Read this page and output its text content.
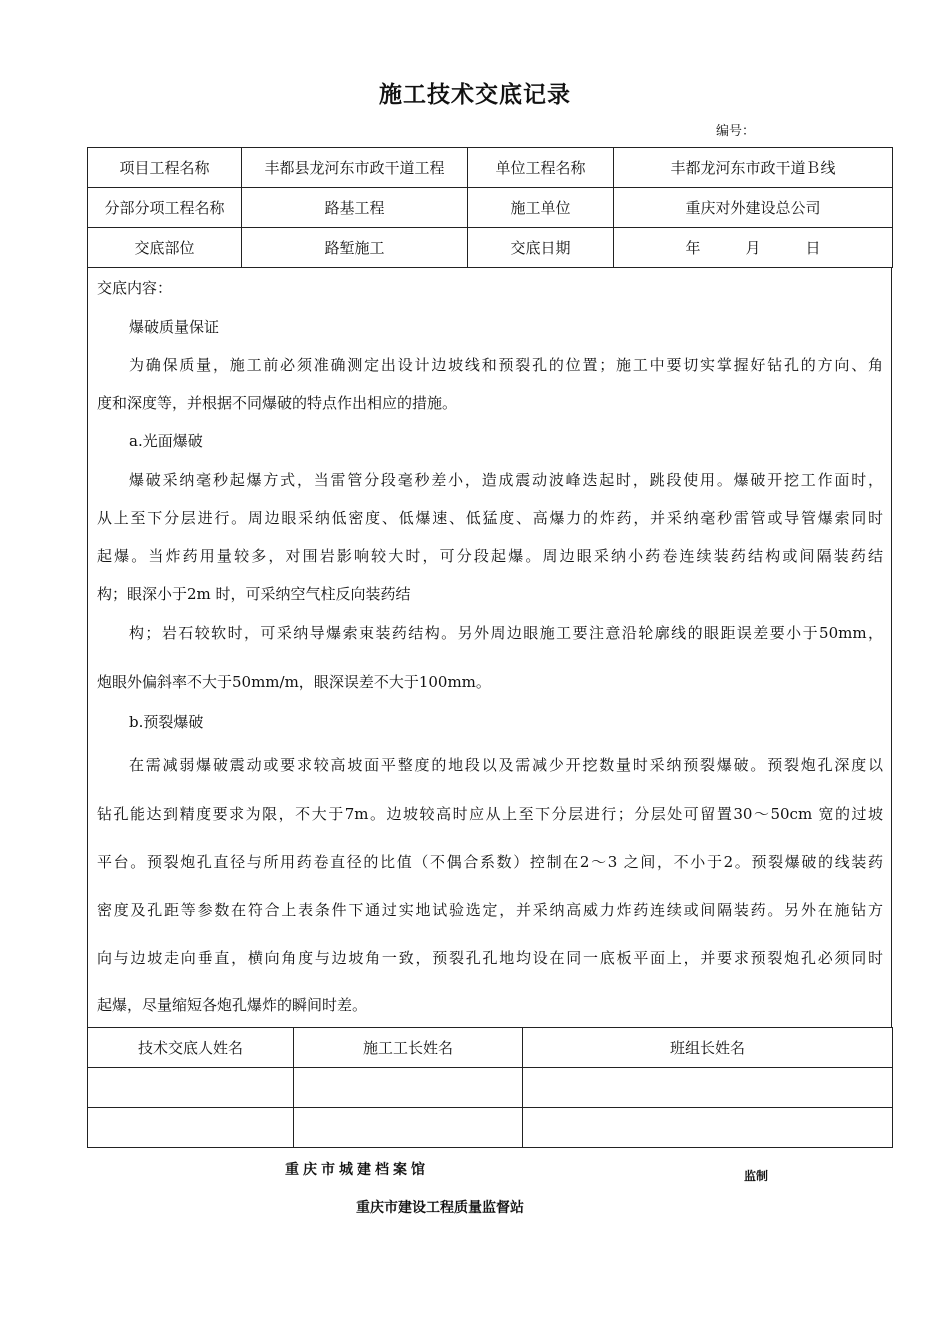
施工技术交底记录
编号：
项目工程名称	丰都县龙河东市政干道工程	单位工程名称	丰都龙河东市政干道Ｂ线
分部分项工程名称	路基工程	施工单位	重庆对外建设总公司
交底部位	路堑施工	交底日期	年　　　月　　　日
交底内容：
爆破质量保证
为确保质量，施工前必须准确测定出设计边坡线和预裂孔的位置；施工中要切实掌握好钻孔的方向、角
度和深度等，并根据不同爆破的特点作出相应的措施。
a.光面爆破
爆破采纳毫秒起爆方式，当雷管分段毫秒差小，造成震动波峰迭起时，跳段使用。爆破开挖工作面时，
从上至下分层进行。周边眼采纳低密度、低爆速、低猛度、高爆力的炸药，并采纳毫秒雷管或导管爆索同时
起爆。当炸药用量较多，对围岩影响较大时，可分段起爆。周边眼采纳小药卷连续装药结构或间隔装药结
构；眼深小于2m 时，可采纳空气柱反向装药结
构；岩石较软时，可采纳导爆索束装药结构。另外周边眼施工要注意沿轮廓线的眼距误差要小于50mm，
炮眼外偏斜率不大于50mm/m，眼深误差不大于100mm。
b.预裂爆破
在需减弱爆破震动或要求较高坡面平整度的地段以及需减少开挖数量时采纳预裂爆破。预裂炮孔深度以
钻孔能达到精度要求为限，不大于7m。边坡较高时应从上至下分层进行；分层处可留置30～50cm 宽的过坡
平台。预裂炮孔直径与所用药卷直径的比值（不偶合系数）控制在2～3 之间，不小于2。预裂爆破的线装药
密度及孔距等参数在符合上表条件下通过实地试验选定，并采纳高威力炸药连续或间隔装药。另外在施钻方
向与边坡走向垂直，横向角度与边坡角一致，预裂孔孔地均设在同一底板平面上，并要求预裂炮孔必须同时
起爆，尽量缩短各炮孔爆炸的瞬间时差。
技术交底人姓名	施工工长姓名	班组长姓名

重庆市城建档案馆	监制
重庆市建设工程质量监督站
